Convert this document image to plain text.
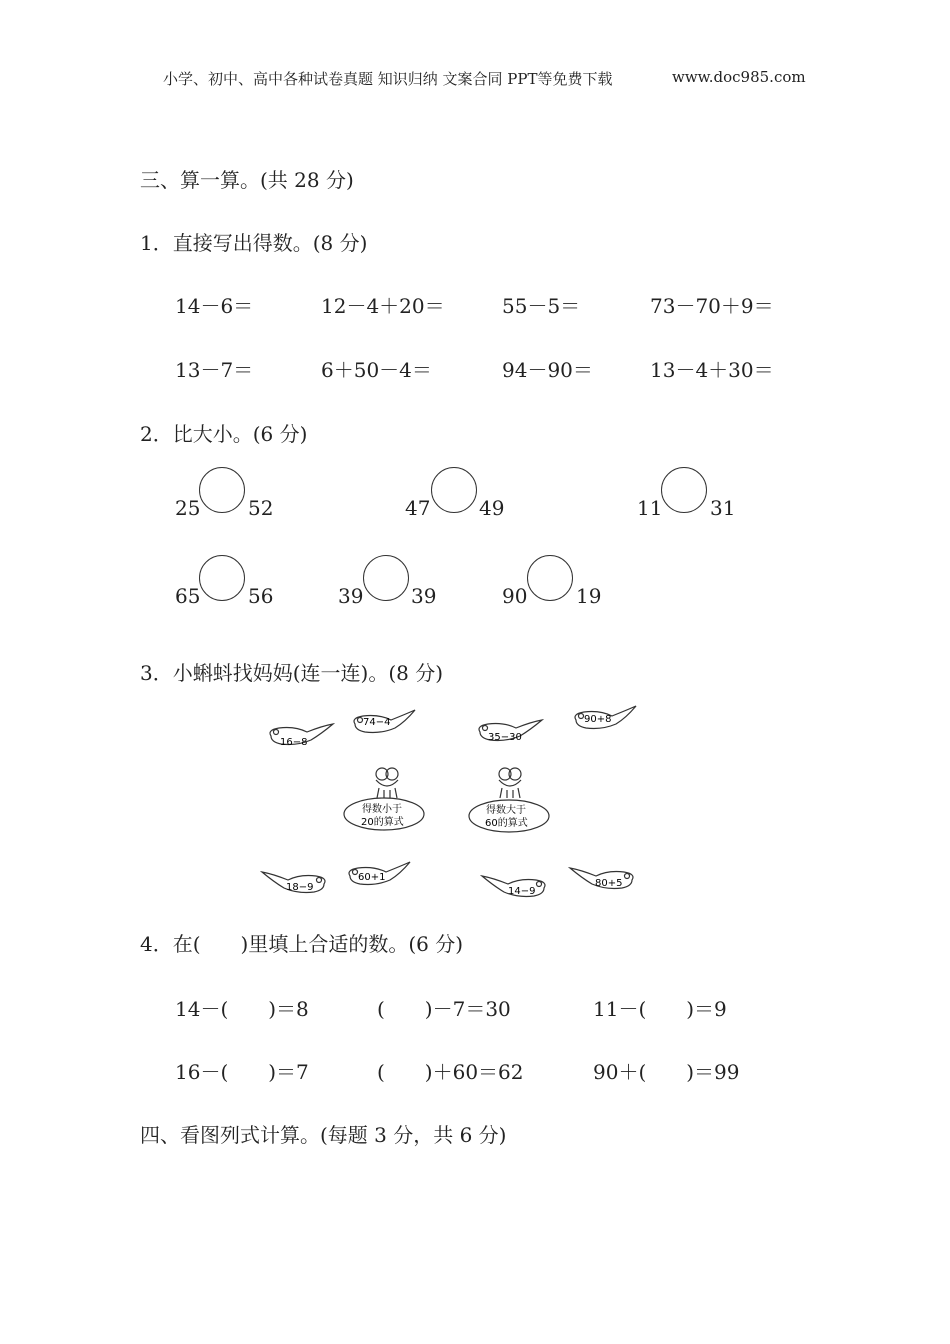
小学、初中、高中各种试卷真题 知识归纳 文案合同 PPT等免费下载	www.doc985.com
三、算一算。(共 28 分)
1．直接写出得数。(8 分)
14－6＝	12－4＋20＝	55－5＝	73－70＋9＝
13－7＝	6＋50－4＝	94－90＝	13－4＋30＝
2．比大小。(6 分)
25 52	47 49	11 31
65 56	39 39	90 19
3．小蝌蚪找妈妈(连一连)。(8 分)
16−8
74−4
35−30
90+8
18−9
60+1
14−9
80+5
得数小于
20的算式
得数大于
60的算式
4．在(　　)里填上合适的数。(6 分)
14－(　　)＝8	(　　)－7＝30	11－(　　)＝9
16－(　　)＝7	(　　)＋60＝62	90＋(　　)＝99
四、看图列式计算。(每题 3 分，共 6 分)
